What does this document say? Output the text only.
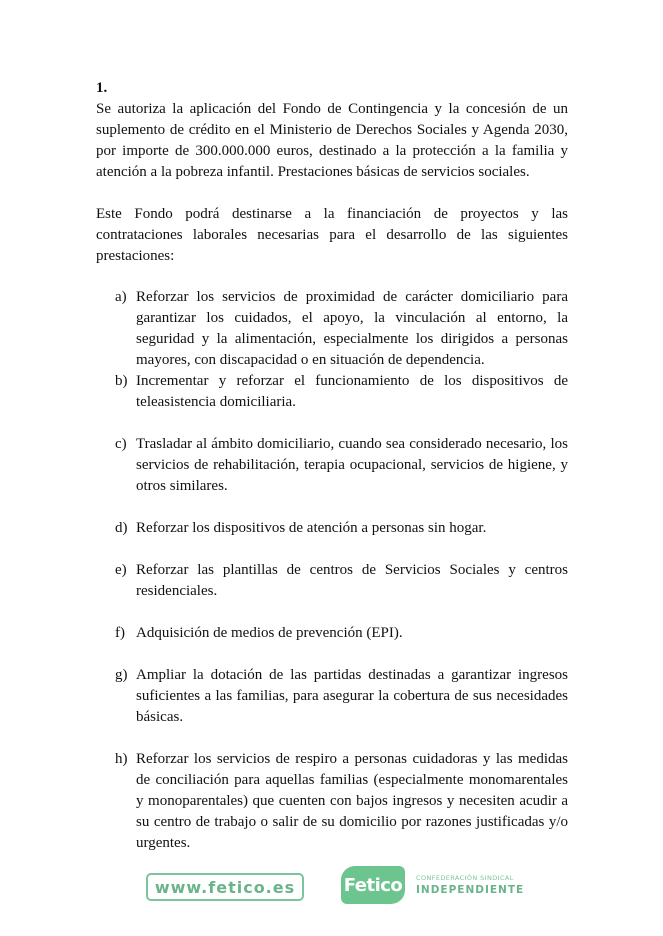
1.

Se autoriza la aplicación del Fondo de Contingencia y la concesión de un suplemento de crédito en el Ministerio de Derechos Sociales y Agenda 2030, por importe de 300.000.000 euros, destinado a la protección a la familia y atención a la pobreza infantil. Prestaciones básicas de servicios sociales.

Este Fondo podrá destinarse a la financiación de proyectos y las contrataciones laborales necesarias para el desarrollo de las siguientes prestaciones:

a) Reforzar los servicios de proximidad de carácter domiciliario para garantizar los cuidados, el apoyo, la vinculación al entorno, la seguridad y la alimentación, especialmente los dirigidos a personas mayores, con discapacidad o en situación de dependencia.
b) Incrementar y reforzar el funcionamiento de los dispositivos de teleasistencia domiciliaria.
c) Trasladar al ámbito domiciliario, cuando sea considerado necesario, los servicios de rehabilitación, terapia ocupacional, servicios de higiene, y otros similares.
d) Reforzar los dispositivos de atención a personas sin hogar.
e) Reforzar las plantillas de centros de Servicios Sociales y centros residenciales.
f) Adquisición de medios de prevención (EPI).
g) Ampliar la dotación de las partidas destinadas a garantizar ingresos suficientes a las familias, para asegurar la cobertura de sus necesidades básicas.
h) Reforzar los servicios de respiro a personas cuidadoras y las medidas de conciliación para aquellas familias (especialmente monomarentales y monoparentales) que cuenten con bajos ingresos y necesiten acudir a su centro de trabajo o salir de su domicilio por razones justificadas y/o urgentes.
www.fetico.es	Fetico	CONFEDERACIÓN SINDICAL
INDEPENDIENTE
